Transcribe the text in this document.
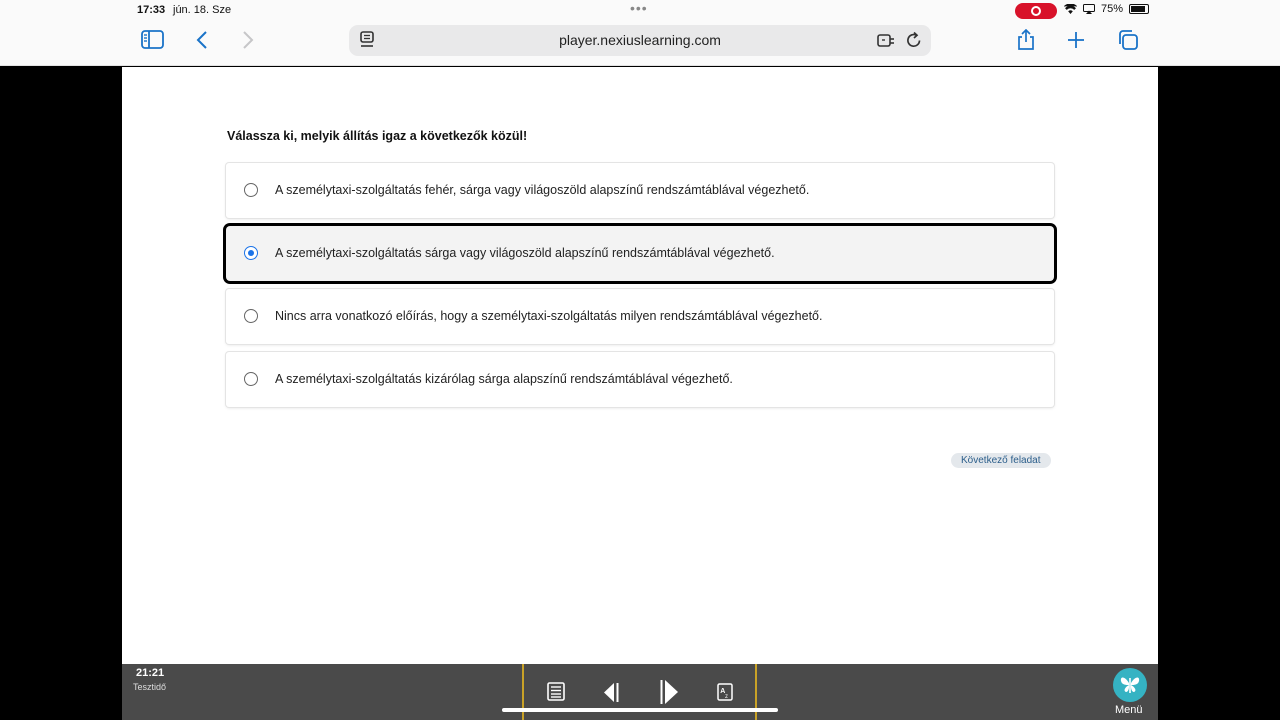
17:33 jún. 18. Sze	•••	75%
player.nexiuslearning.com
Válassza ki, melyik állítás igaz a következők közül!
A személytaxi-szolgáltatás fehér, sárga vagy világoszöld alapszínű rendszámtáblával végezhető.
A személytaxi-szolgáltatás sárga vagy világoszöld alapszínű rendszámtáblával végezhető.
Nincs arra vonatkozó előírás, hogy a személytaxi-szolgáltatás milyen rendszámtáblával végezhető.
A személytaxi-szolgáltatás kizárólag sárga alapszínű rendszámtáblával végezhető.
Következő feladat
21:21
Tesztidő	A
z
Menü
